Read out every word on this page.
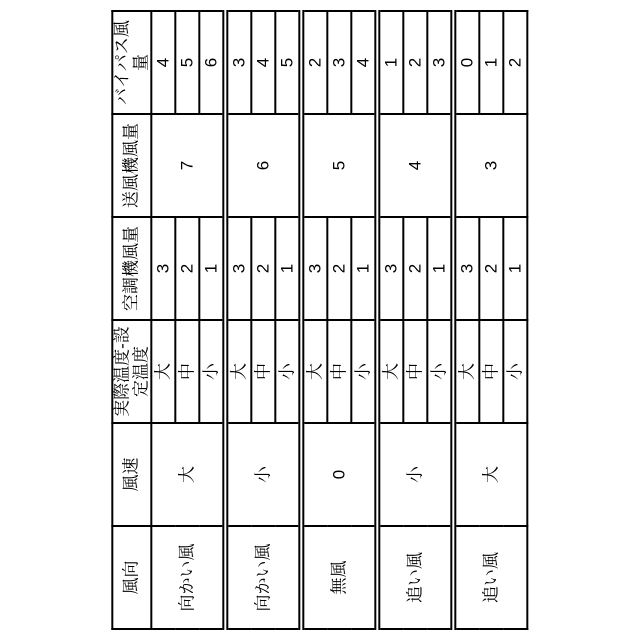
風向	風速	実際温度-設定温度	空調機風量	送風機風量	バイパス風量
向かい風	大	大	3	7	4
		中	2		5
		小	1		6
向かい風	小	大	3	6	3
		中	2		4
		小	1		5
無風	0	大	3	5	2
		中	2		3
		小	1		4
追い風	小	大	3	4	1
		中	2		2
		小	1		3
追い風	大	大	3	3	0
		中	2		1
		小	1		2
